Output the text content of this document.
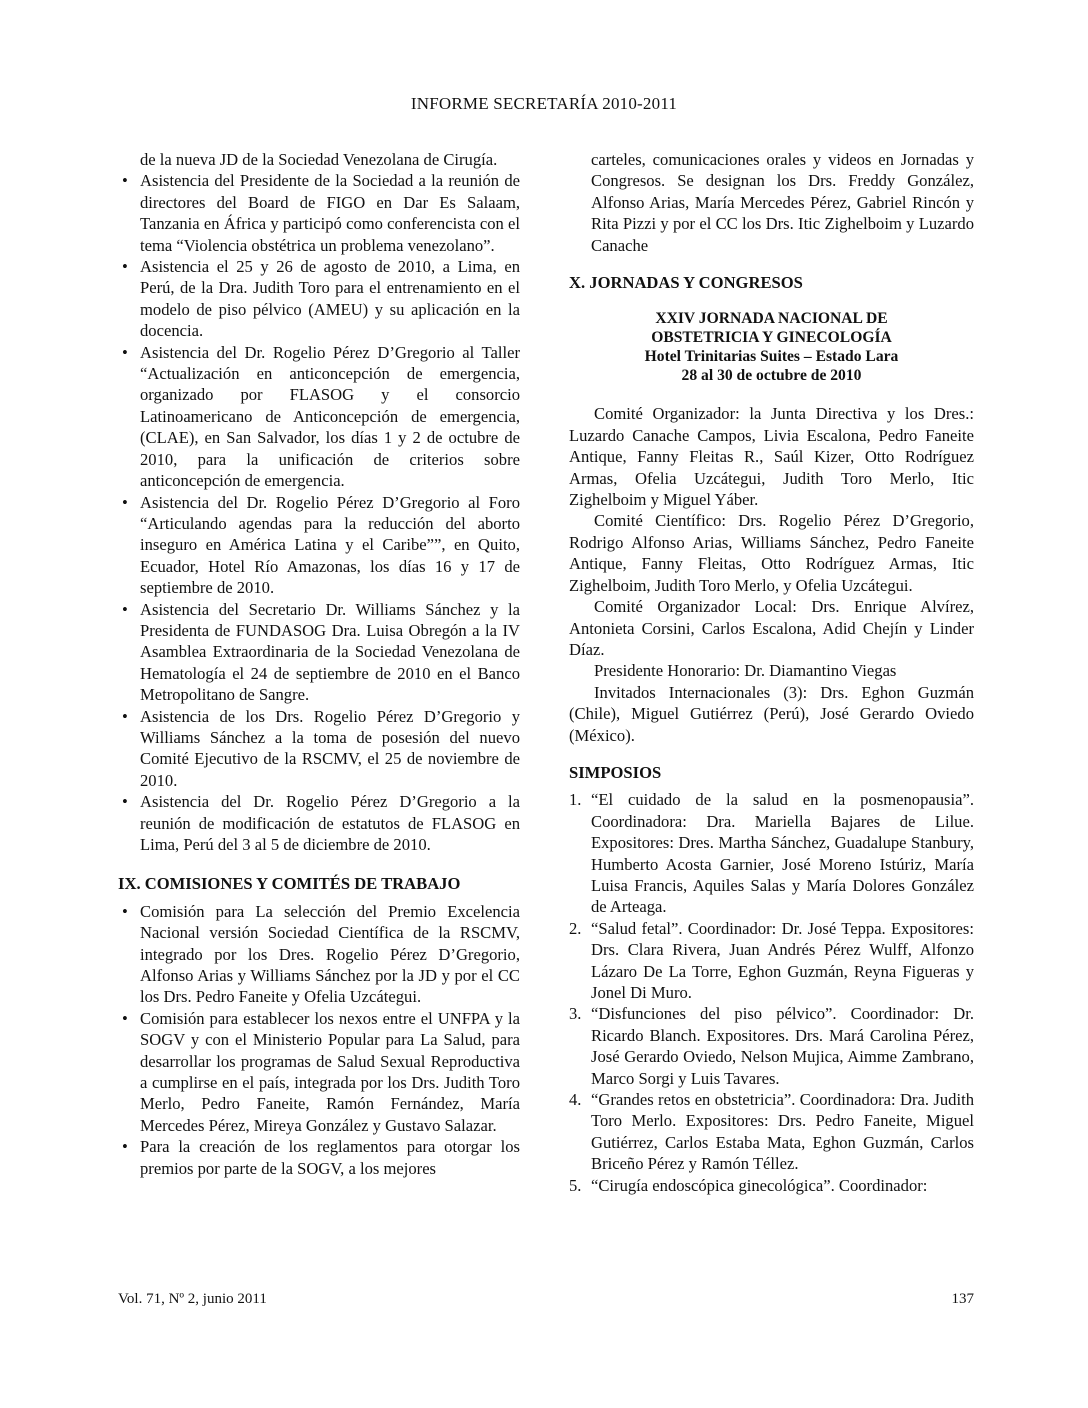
INFORME SECRETARÍA 2010-2011

de la nueva JD de la Sociedad Venezolana de Cirugía.

• Asistencia del Presidente de la Sociedad a la reunión de directores del Board de FIGO en Dar Es Salaam, Tanzania en África y participó como conferencista con el tema “Violencia obstétrica un problema venezolano”.
• Asistencia el 25 y 26 de agosto de 2010, a Lima, en Perú, de la Dra. Judith Toro para el entrenamiento en el modelo de piso pélvico (AMEU) y su aplicación en la docencia.
• Asistencia del Dr. Rogelio Pérez D’Gregorio al Taller “Actualización en anticoncepción de emergencia, organizado por FLASOG y el consorcio Latinoamericano de Anticoncepción de emergencia, (CLAE), en San Salvador, los días 1 y 2 de octubre de 2010, para la unificación de criterios sobre anticoncepción de emergencia.
• Asistencia del Dr. Rogelio Pérez D’Gregorio al Foro “Articulando agendas para la reducción del aborto inseguro en América Latina y el Caribe””, en Quito, Ecuador, Hotel Río Amazonas, los días 16 y 17 de septiembre de 2010.
• Asistencia del Secretario Dr. Williams Sánchez y la Presidenta de FUNDASOG Dra. Luisa Obregón a la IV Asamblea Extraordinaria de la Sociedad Venezolana de Hematología el 24 de septiembre de 2010 en el Banco Metropolitano de Sangre.
• Asistencia de los Drs. Rogelio Pérez D’Gregorio y Williams Sánchez a la toma de posesión del nuevo Comité Ejecutivo de la RSCMV, el 25 de noviembre de 2010.
• Asistencia del Dr. Rogelio Pérez D’Gregorio a la reunión de modificación de estatutos de FLASOG en Lima, Perú del 3 al 5 de diciembre de 2010.
IX. COMISIONES Y COMITÉS DE TRABAJO
• Comisión para La selección del Premio Excelencia Nacional versión Sociedad Científica de la RSCMV, integrado por los Dres. Rogelio Pérez D’Gregorio, Alfonso Arias y Williams Sánchez por la JD y por el CC los Drs. Pedro Faneite y Ofelia Uzcátegui.
• Comisión para establecer los nexos entre el UNFPA y la SOGV y con el Ministerio Popular para La Salud, para desarrollar los programas de Salud Sexual Reproductiva a cumplirse en el país, integrada por los Drs. Judith Toro Merlo, Pedro Faneite, Ramón Fernández, María Mercedes Pérez, Mireya González y Gustavo Salazar.
• Para la creación de los reglamentos para otorgar los premios por parte de la SOGV, a los mejores

carteles, comunicaciones orales y videos en Jornadas y Congresos. Se designan los Drs. Freddy González, Alfonso Arias, María Mercedes Pérez, Gabriel Rincón y Rita Pizzi y por el CC los Drs. Itic Zighelboim y Luzardo Canache

X. JORNADAS Y CONGRESOS
XXIV JORNADA NACIONAL DE
OBSTETRICIA Y GINECOLOGÍA
Hotel Trinitarias Suites – Estado Lara
28 al 30 de octubre de 2010

Comité Organizador: la Junta Directiva y los Dres.: Luzardo Canache Campos, Livia Escalona, Pedro Faneite Antique, Fanny Fleitas R., Saúl Kizer, Otto Rodríguez Armas, Ofelia Uzcátegui, Judith Toro Merlo, Itic Zighelboim y Miguel Yáber.

Comité Científico: Drs. Rogelio Pérez D’Gregorio, Rodrigo Alfonso Arias, Williams Sánchez, Pedro Faneite Antique, Fanny Fleitas, Otto Rodríguez Armas, Itic Zighelboim, Judith Toro Merlo, y Ofelia Uzcátegui.

Comité Organizador Local: Drs. Enrique Alvírez, Antonieta Corsini, Carlos Escalona, Adid Chejín y Linder Díaz.

Presidente Honorario: Dr. Diamantino Viegas

Invitados Internacionales (3): Drs. Eghon Guzmán (Chile), Miguel Gutiérrez (Perú), José Gerardo Oviedo (México).

SIMPOSIOS
1. “El cuidado de la salud en la posmenopausia”. Coordinadora: Dra. Mariella Bajares de Lilue. Expositores: Dres. Martha Sánchez, Guadalupe Stanbury, Humberto Acosta Garnier, José Moreno Istúriz, María Luisa Francis, Aquiles Salas y María Dolores González de Arteaga.
2. “Salud fetal”. Coordinador: Dr. José Teppa. Expositores: Drs. Clara Rivera, Juan Andrés Pérez Wulff, Alfonzo Lázaro De La Torre, Eghon Guzmán, Reyna Figueras y Jonel Di Muro.
3. “Disfunciones del piso pélvico”. Coordinador: Dr. Ricardo Blanch. Expositores. Drs. Mará Carolina Pérez, José Gerardo Oviedo, Nelson Mujica, Aimme Zambrano, Marco Sorgi y Luis Tavares.
4. “Grandes retos en obstetricia”. Coordinadora: Dra. Judith Toro Merlo. Expositores: Drs. Pedro Faneite, Miguel Gutiérrez, Carlos Estaba Mata, Eghon Guzmán, Carlos Briceño Pérez y Ramón Téllez.
5. “Cirugía endoscópica ginecológica”. Coordinador:
Vol. 71, Nº 2, junio 2011	137
